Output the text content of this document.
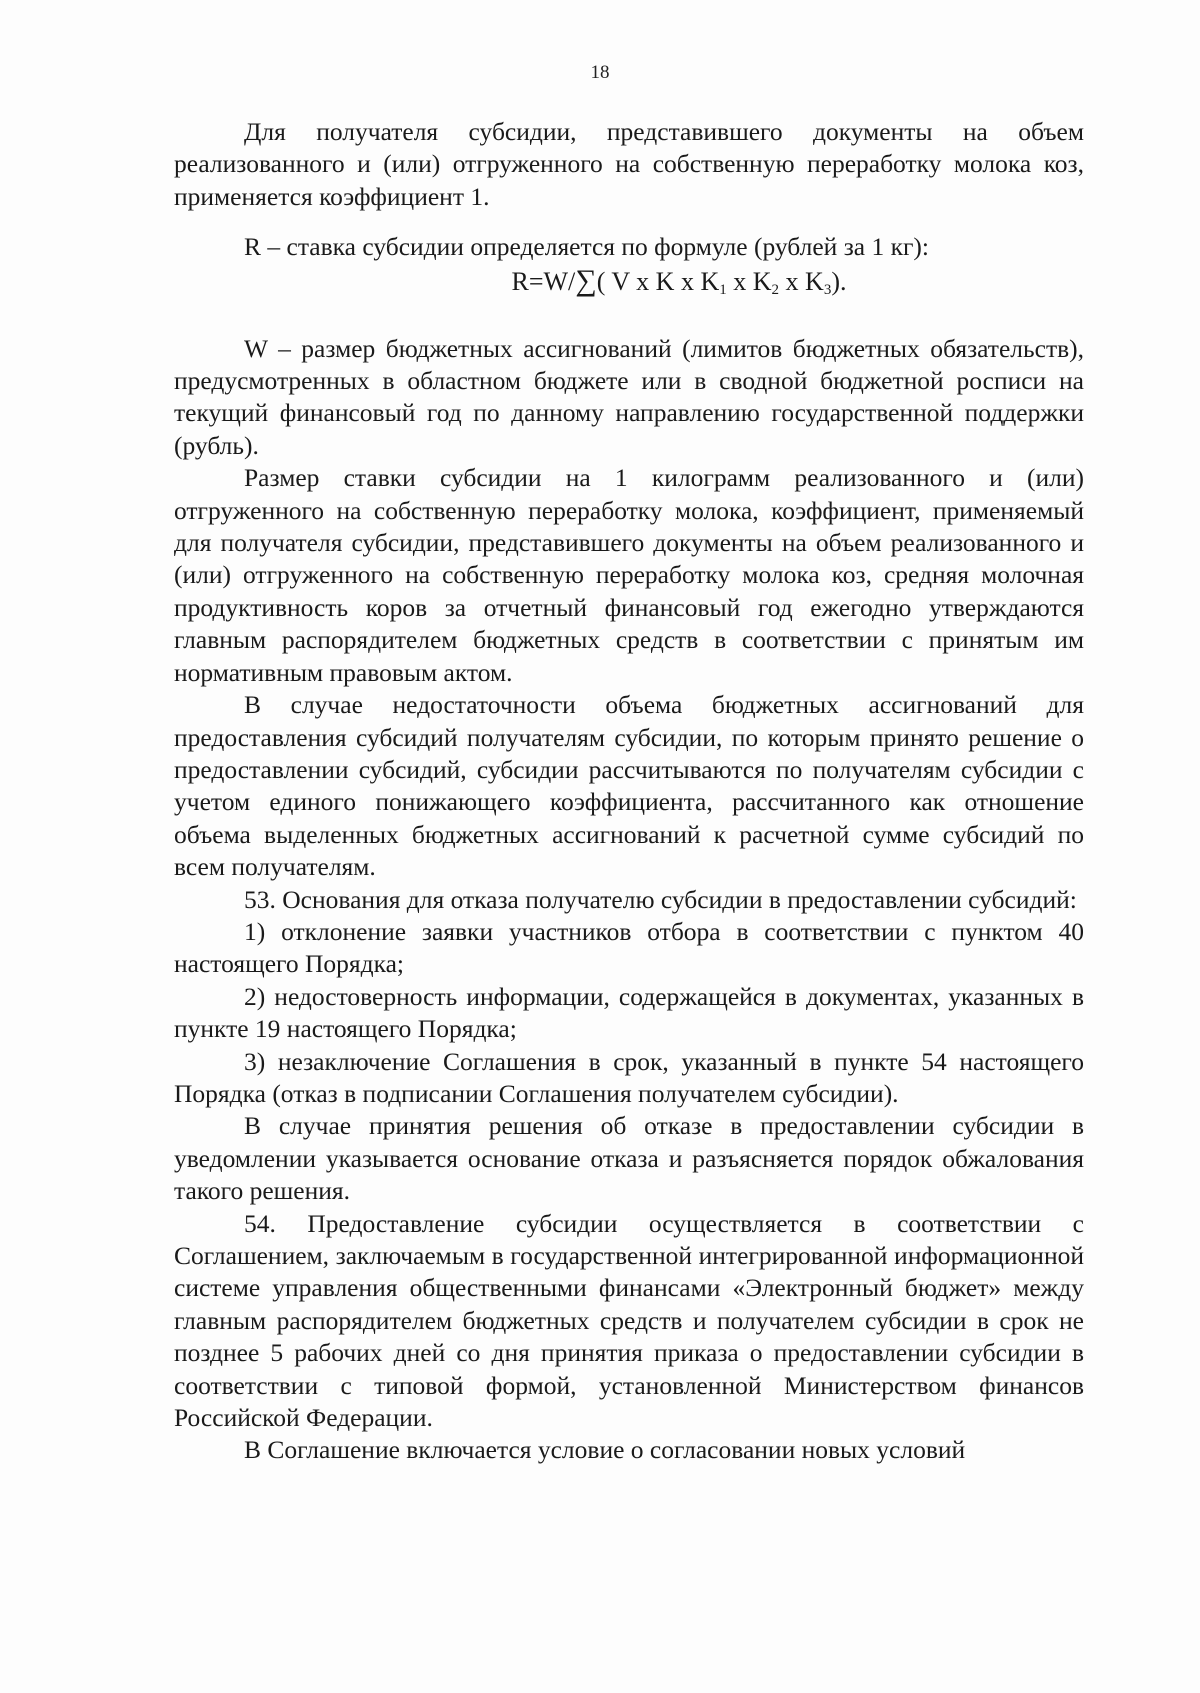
18

Для получателя субсидии, представившего документы на объем реализованного и (или) отгруженного на собственную переработку молока коз, применяется коэффициент 1.

R – ставка субсидии определяется по формуле (рублей за 1 кг):

R=W/∑( V x K x $K_1$ x $K_2$ x $K_3$).

W – размер бюджетных ассигнований (лимитов бюджетных обязательств), предусмотренных в областном бюджете или в сводной бюджетной росписи на текущий финансовый год по данному направлению государственной поддержки (рубль).

Размер ставки субсидии на 1 килограмм реализованного и (или) отгруженного на собственную переработку молока, коэффициент, применяемый для получателя субсидии, представившего документы на объем реализованного и (или) отгруженного на собственную переработку молока коз, средняя молочная продуктивность коров за отчетный финансовый год ежегодно утверждаются главным распорядителем бюджетных средств в соответствии с принятым им нормативным правовым актом.

В случае недостаточности объема бюджетных ассигнований для предоставления субсидий получателям субсидии, по которым принято решение о предоставлении субсидий, субсидии рассчитываются по получателям субсидии с учетом единого понижающего коэффициента, рассчитанного как отношение объема выделенных бюджетных ассигнований к расчетной сумме субсидий по всем получателям.

53. Основания для отказа получателю субсидии в предоставлении субсидий:

1) отклонение заявки участников отбора в соответствии с пунктом 40 настоящего Порядка;

2) недостоверность информации, содержащейся в документах, указанных в пункте 19 настоящего Порядка;

3) незаключение Соглашения в срок, указанный в пункте 54 настоящего Порядка (отказ в подписании Соглашения получателем субсидии).

В случае принятия решения об отказе в предоставлении субсидии в уведомлении указывается основание отказа и разъясняется порядок обжалования такого решения.

54. Предоставление субсидии осуществляется в соответствии с Соглашением, заключаемым в государственной интегрированной информационной системе управления общественными финансами «Электронный бюджет» между главным распорядителем бюджетных средств и получателем субсидии в срок не позднее 5 рабочих дней со дня принятия приказа о предоставлении субсидии в соответствии с типовой формой, установленной Министерством финансов Российской Федерации.

В Соглашение включается условие о согласовании новых условий
